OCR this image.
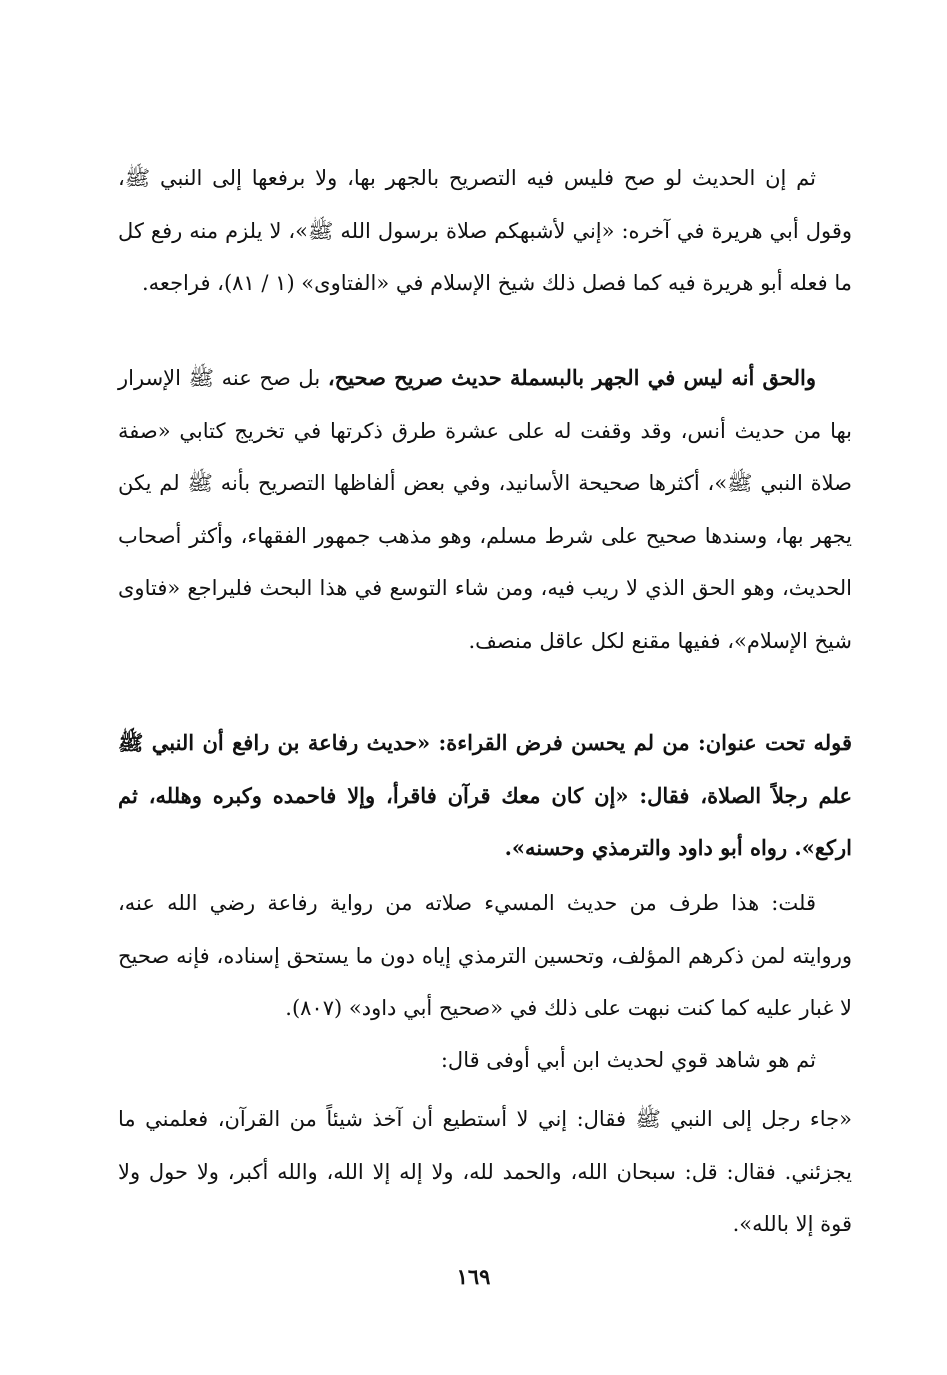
ثم إن الحديث لو صح فليس فيه التصريح بالجهر بها، ولا برفعها إلى النبي ﷺ، وقول أبي هريرة في آخره: «إني لأشبهكم صلاة برسول الله ﷺ»، لا يلزم منه رفع كل ما فعله أبو هريرة فيه كما فصل ذلك شيخ الإسلام في «الفتاوى» (١ / ٨١)، فراجعه.

والحق أنه ليس في الجهر بالبسملة حديث صريح صحيح، بل صح عنه ﷺ الإسرار بها من حديث أنس، وقد وقفت له على عشرة طرق ذكرتها في تخريج كتابي «صفة صلاة النبي ﷺ»، أكثرها صحيحة الأسانيد، وفي بعض ألفاظها التصريح بأنه ﷺ لم يكن يجهر بها، وسندها صحيح على شرط مسلم، وهو مذهب جمهور الفقهاء، وأكثر أصحاب الحديث، وهو الحق الذي لا ريب فيه، ومن شاء التوسع في هذا البحث فليراجع «فتاوى شيخ الإسلام»، ففيها مقنع لكل عاقل منصف.

قوله تحت عنوان: من لم يحسن فرض القراءة: «حديث رفاعة بن رافع أن النبي ﷺ علم رجلاً الصلاة، فقال: «إن كان معك قرآن فاقرأ، وإلا فاحمده وكبره وهلله، ثم اركع». رواه أبو داود والترمذي وحسنه».

قلت: هذا طرف من حديث المسيء صلاته من رواية رفاعة رضي الله عنه، وروايته لمن ذكرهم المؤلف، وتحسين الترمذي إياه دون ما يستحق إسناده، فإنه صحيح لا غبار عليه كما كنت نبهت على ذلك في «صحيح أبي داود» (٨٠٧).

ثم هو شاهد قوي لحديث ابن أبي أوفى قال:

«جاء رجل إلى النبي ﷺ فقال: إني لا أستطيع أن آخذ شيئاً من القرآن، فعلمني ما يجزئني. فقال: قل: سبحان الله، والحمد لله، ولا إله إلا الله، والله أكبر، ولا حول ولا قوة إلا بالله».

١٦٩
